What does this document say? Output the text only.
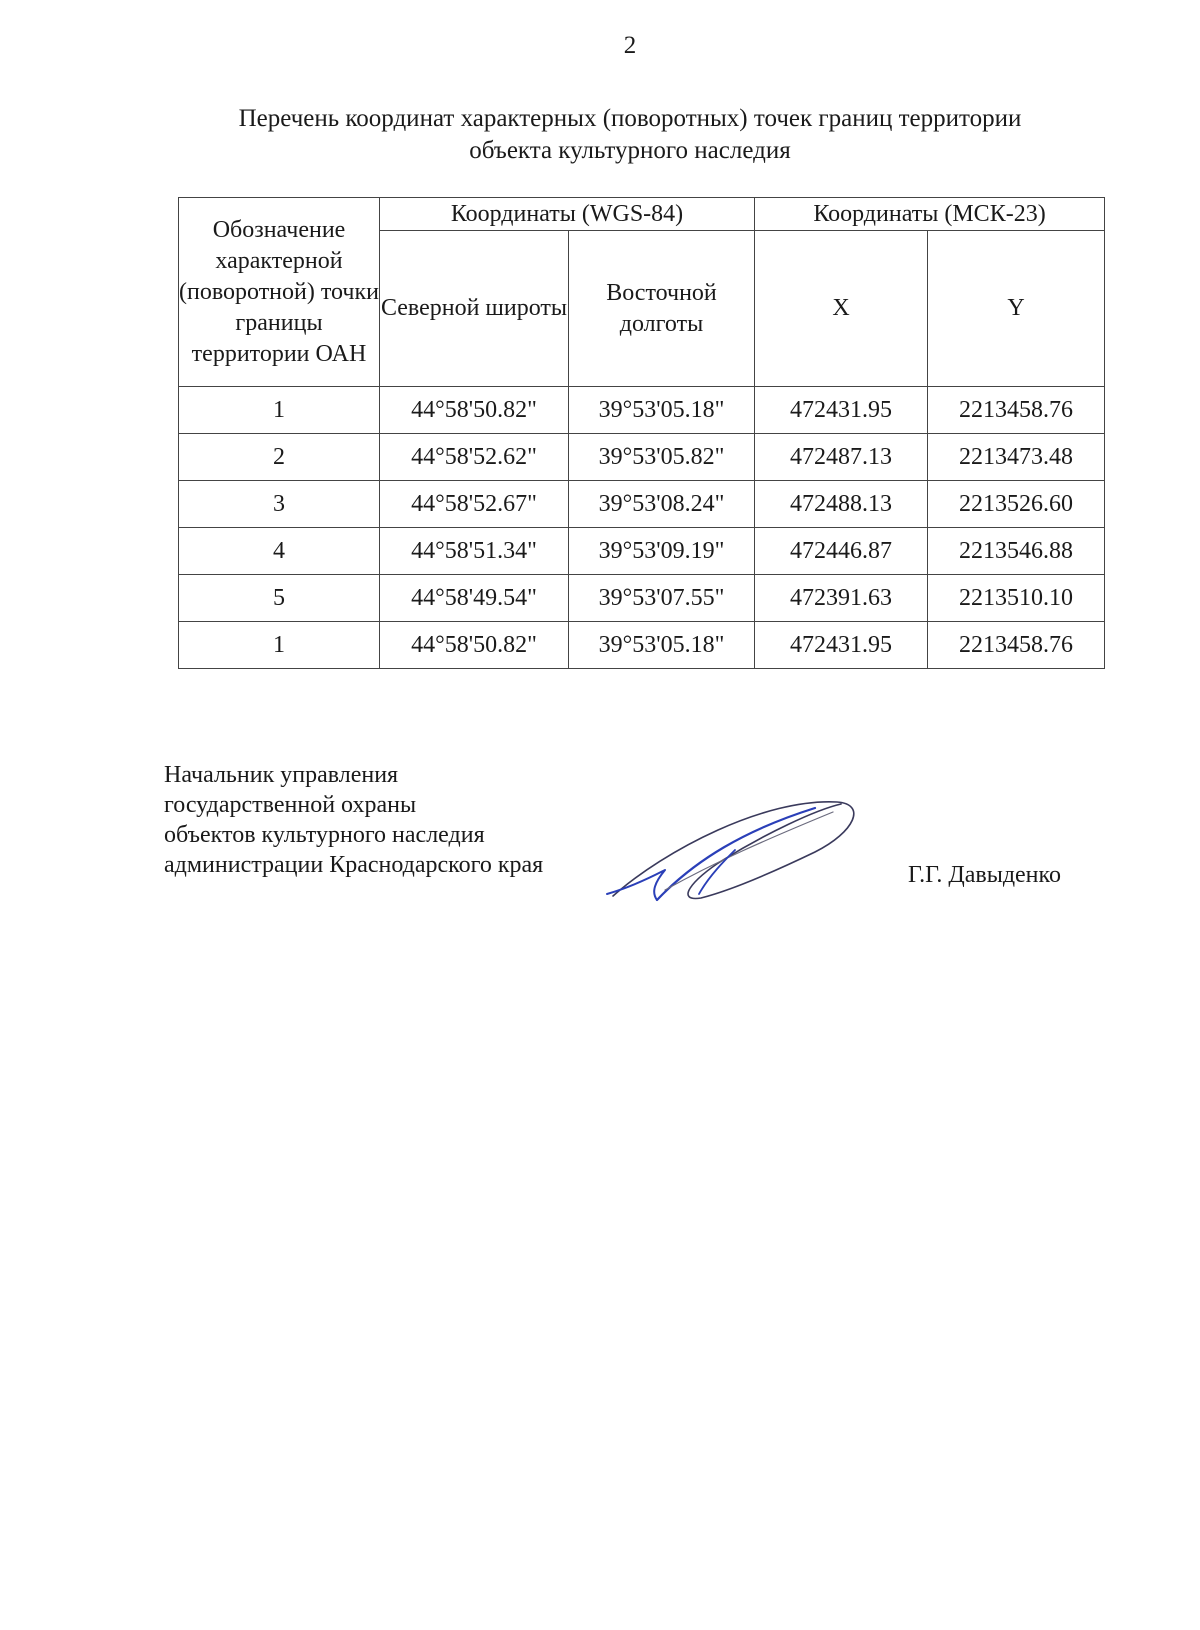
2
Перечень координат характерных (поворотных) точек границ территории
объекта культурного наследия
Обозначение характерной (поворотной) точки границы территории ОАН	Координаты (WGS-84)		Координаты (МСК-23)	
	Северной широты	Восточной долготы	X	Y
1	44°58'50.82"	39°53'05.18"	472431.95	2213458.76
2	44°58'52.62"	39°53'05.82"	472487.13	2213473.48
3	44°58'52.67"	39°53'08.24"	472488.13	2213526.60
4	44°58'51.34"	39°53'09.19"	472446.87	2213546.88
5	44°58'49.54"	39°53'07.55"	472391.63	2213510.10
1	44°58'50.82"	39°53'05.18"	472431.95	2213458.76
Начальник управления
государственной охраны
объектов культурного наследия
администрации Краснодарского края	Г.Г. Давыденко
